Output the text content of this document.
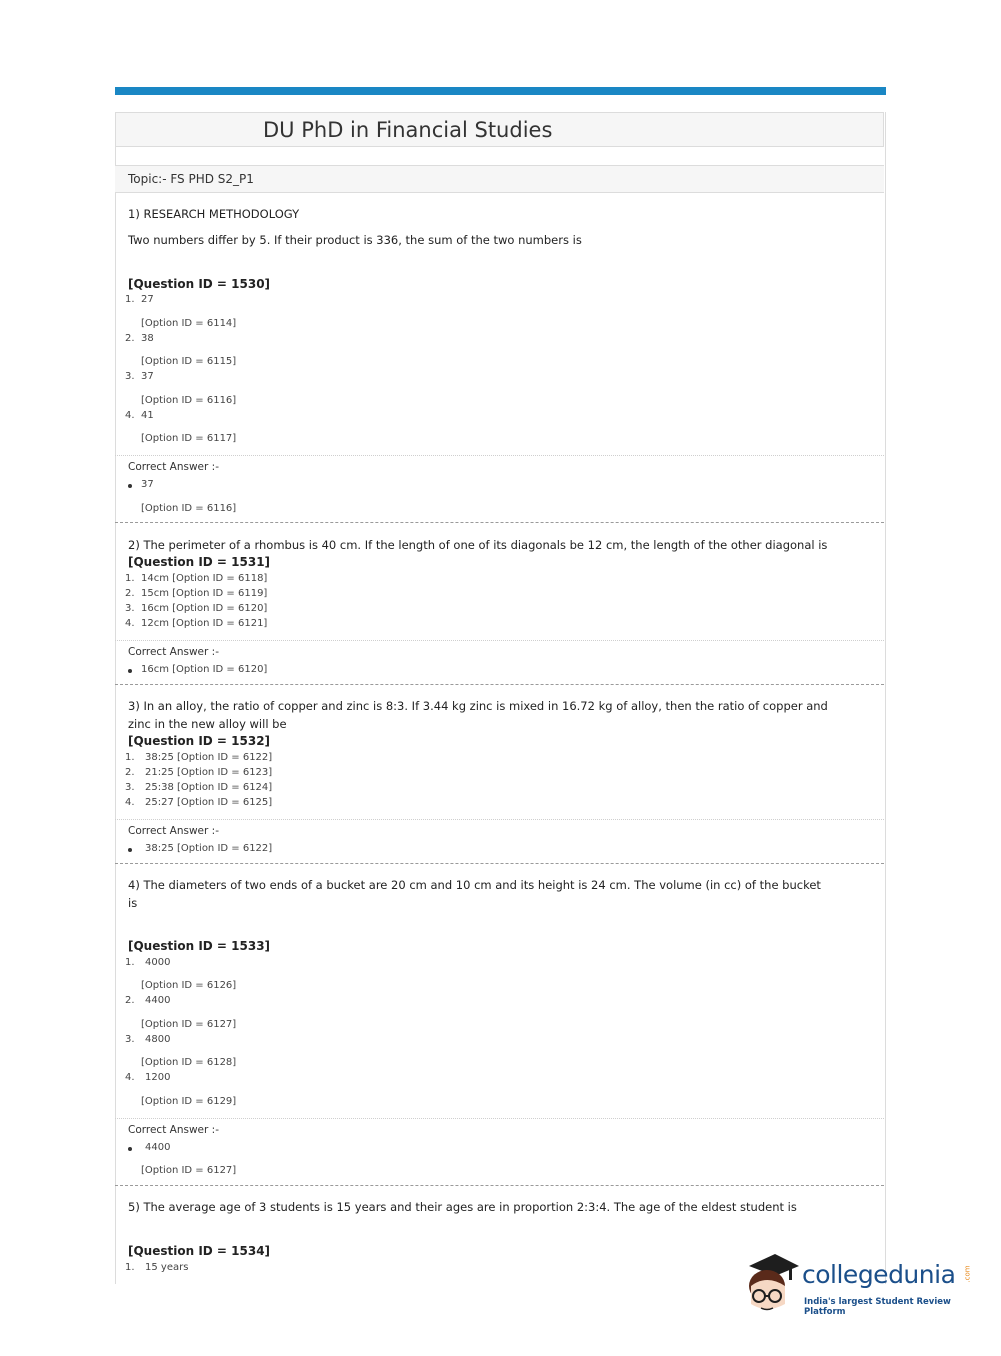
DU PhD in Financial Studies
Topic:- FS PHD S2_P1
1) RESEARCH METHODOLOGY
Two numbers differ by 5. If their product is 336, the sum of the two numbers is
[Question ID = 1530]
1. 27
[Option ID = 6114]
2. 38
[Option ID = 6115]
3. 37
[Option ID = 6116]
4. 41
[Option ID = 6117]
Correct Answer :-
37
[Option ID = 6116]
2) The perimeter of a rhombus is 40 cm. If the length of one of its diagonals be 12 cm, the length of the other diagonal is
[Question ID = 1531]
1. 14cm [Option ID = 6118]
2. 15cm [Option ID = 6119]
3. 16cm [Option ID = 6120]
4. 12cm [Option ID = 6121]
Correct Answer :-
16cm [Option ID = 6120]
3) In an alloy, the ratio of copper and zinc is 8:3. If 3.44 kg zinc is mixed in 16.72 kg of alloy, then the ratio of copper and
zinc in the new alloy will be
[Question ID = 1532]
1. 38:25 [Option ID = 6122]
2. 21:25 [Option ID = 6123]
3. 25:38 [Option ID = 6124]
4. 25:27 [Option ID = 6125]
Correct Answer :-
38:25 [Option ID = 6122]
4) The diameters of two ends of a bucket are 20 cm and 10 cm and its height is 24 cm. The volume (in cc) of the bucket
is
[Question ID = 1533]
1. 4000
[Option ID = 6126]
2. 4400
[Option ID = 6127]
3. 4800
[Option ID = 6128]
4. 1200
[Option ID = 6129]
Correct Answer :-
4400
[Option ID = 6127]
5) The average age of 3 students is 15 years and their ages are in proportion 2:3:4. The age of the eldest student is
[Question ID = 1534]
1. 15 years	collegedunia .com
India's largest Student Review Platform
